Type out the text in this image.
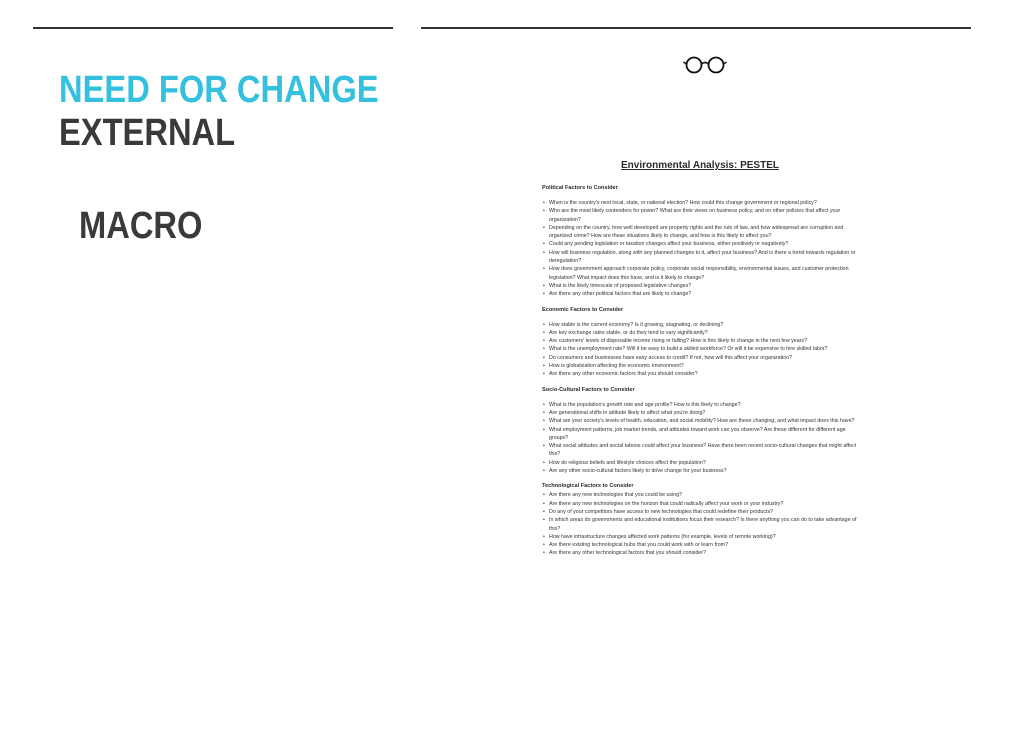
NEED FOR CHANGE
EXTERNAL
MACRO
Environmental Analysis: PESTEL
Political Factors to Consider
• When is the country's next local, state, or national election? How could this change government or regional policy?
• Who are the most likely contenders for power? What are their views on business policy, and on other policies that affect your organization?
• Depending on the country, how well developed are property rights and the rule of law, and how widespread are corruption and organized crime? How are these situations likely to change, and how is this likely to affect you?
• Could any pending legislation or taxation changes affect your business, either positively or negatively?
• How will business regulation, along with any planned changes to it, affect your business? And is there a trend towards regulation or deregulation?
• How does government approach corporate policy, corporate social responsibility, environmental issues, and customer protection legislation? What impact does this have, and is it likely to change?
• What is the likely timescale of proposed legislative changes?
• Are there any other political factors that are likely to change?
Economic Factors to Consider
• How stable is the current economy? Is it growing, stagnating, or declining?
• Are key exchange rates stable, or do they tend to vary significantly?
• Are customers' levels of disposable income rising or falling? How is this likely to change in the next few years?
• What is the unemployment rate? Will it be easy to build a skilled workforce? Or will it be expensive to hire skilled labor?
• Do consumers and businesses have easy access to credit? If not, how will this affect your organization?
• How is globalization affecting the economic environment?
• Are there any other economic factors that you should consider?
Socio-Cultural Factors to Consider
• What is the population's growth rate and age profile? How is this likely to change?
• Are generational shifts in attitude likely to affect what you're doing?
• What are your society's levels of health, education, and social mobility? How are these changing, and what impact does this have?
• What employment patterns, job market trends, and attitudes toward work can you observe? Are these different for different age groups?
• What social attitudes and social taboos could affect your business? Have there been recent socio-cultural changes that might affect this?
• How do religious beliefs and lifestyle choices affect the population?
• Are any other socio-cultural factors likely to drive change for your business?
Technological Factors to Consider
• Are there any new technologies that you could be using?
• Are there any new technologies on the horizon that could radically affect your work or your industry?
• Do any of your competitors have access to new technologies that could redefine their products?
• In which areas do governments and educational institutions focus their research? Is there anything you can do to take advantage of this?
• How have infrastructure changes affected work patterns (for example, levels of remote working)?
• Are there existing technological hubs that you could work with or learn from?
• Are there any other technological factors that you should consider?
